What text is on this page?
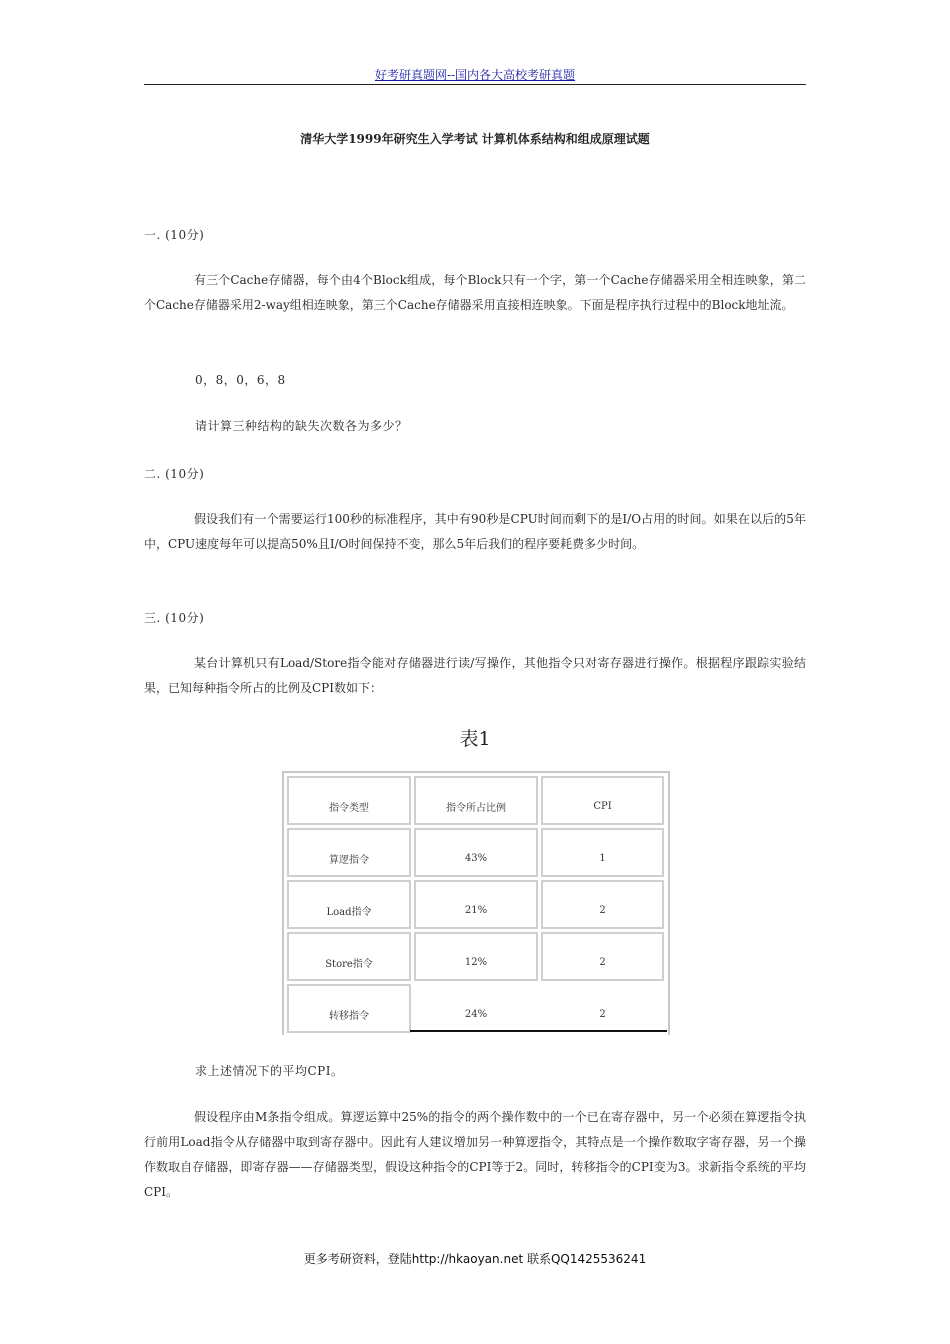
好考研真题网--国内各大高校考研真题
清华大学1999年研究生入学考试 计算机体系结构和组成原理试题
一. (10分)
有三个Cache存储器，每个由4个Block组成，每个Block只有一个字，第一个Cache存储器采用全相连映象，第二个Cache存储器采用2-way组相连映象，第三个Cache存储器采用直接相连映象。下面是程序执行过程中的Block地址流。
0，8，0，6，8
请计算三种结构的缺失次数各为多少？
二. (10分)
假设我们有一个需要运行100秒的标准程序，其中有90秒是CPU时间而剩下的是I/O占用的时间。如果在以后的5年中，CPU速度每年可以提高50%且I/O时间保持不变，那么5年后我们的程序要耗费多少时间。
三. (10分)
某台计算机只有Load/Store指令能对存储器进行读/写操作，其他指令只对寄存器进行操作。根据程序跟踪实验结果，已知每种指令所占的比例及CPI数如下：
表1
指令类型	指令所占比例	CPI
算逻指令	43%	1
Load指令	21%	2
Store指令	12%	2
转移指令	24%	2
求上述情况下的平均CPI。
假设程序由M条指令组成。算逻运算中25%的指令的两个操作数中的一个已在寄存器中，另一个必须在算逻指令执行前用Load指令从存储器中取到寄存器中。因此有人建议增加另一种算逻指令，其特点是一个操作数取字寄存器，另一个操作数取自存储器，即寄存器——存储器类型，假设这种指令的CPI等于2。同时，转移指令的CPI变为3。求新指令系统的平均CPI。
更多考研资料，登陆http://hkaoyan.net 联系QQ1425536241
